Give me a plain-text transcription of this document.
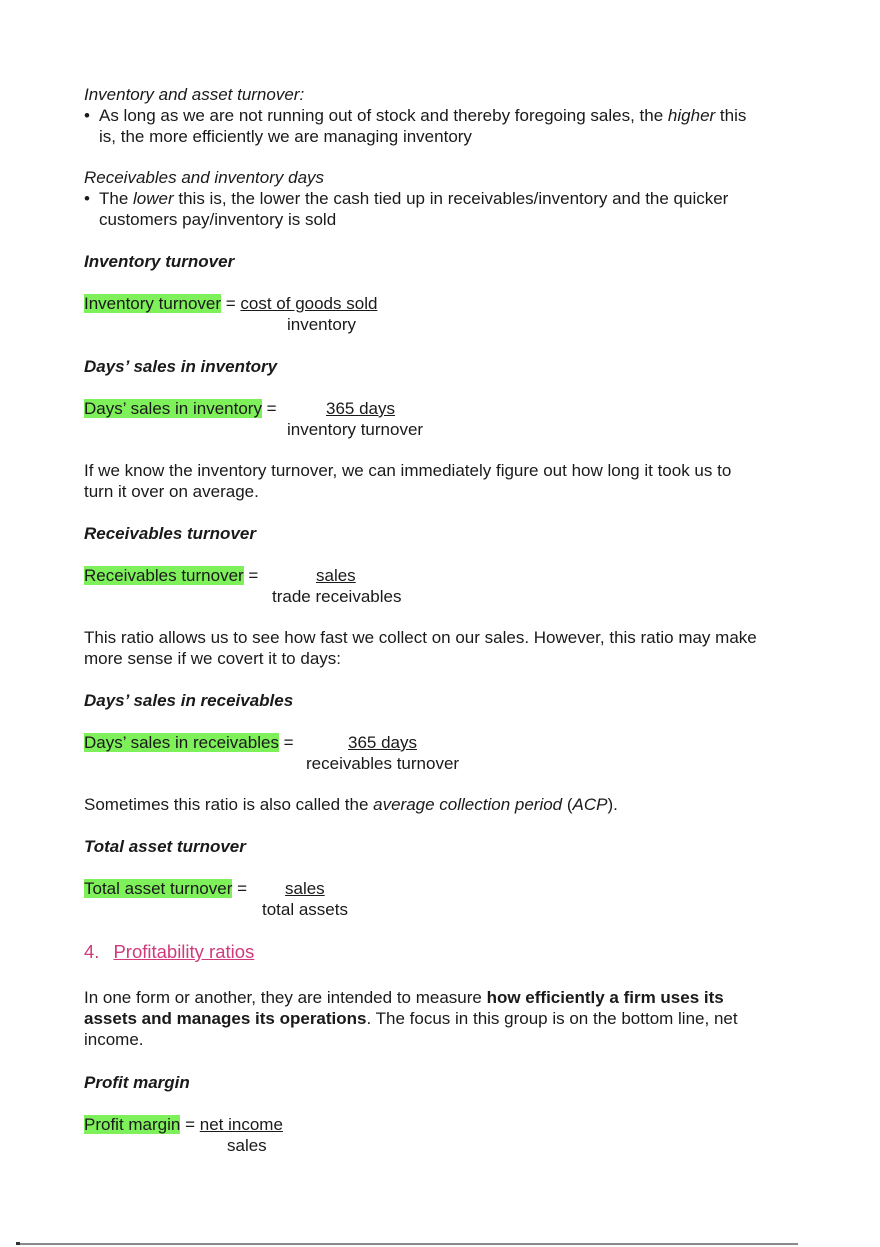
Inventory and asset turnover:
• As long as we are not running out of stock and thereby foregoing sales, the higher this
is, the more efficiently we are managing inventory
Receivables and inventory days
• The lower this is, the lower the cash tied up in receivables/inventory and the quicker
customers pay/inventory is sold
Inventory turnover
Inventory turnover = cost of goods sold
inventory
Days’ sales in inventory
Days’ sales in inventory =	365 days
inventory turnover
If we know the inventory turnover, we can immediately figure out how long it took us to
turn it over on average.
Receivables turnover
Receivables turnover =	sales
trade receivables
This ratio allows us to see how fast we collect on our sales. However, this ratio may make
more sense if we covert it to days:
Days’ sales in receivables
Days’ sales in receivables =	365 days
receivables turnover
Sometimes this ratio is also called the average collection period (ACP).
Total asset turnover
Total asset turnover = sales
total assets
4. Profitability ratios
In one form or another, they are intended to measure how efficiently a firm uses its
assets and manages its operations. The focus in this group is on the bottom line, net
income.
Profit margin
Profit margin = net income
sales
